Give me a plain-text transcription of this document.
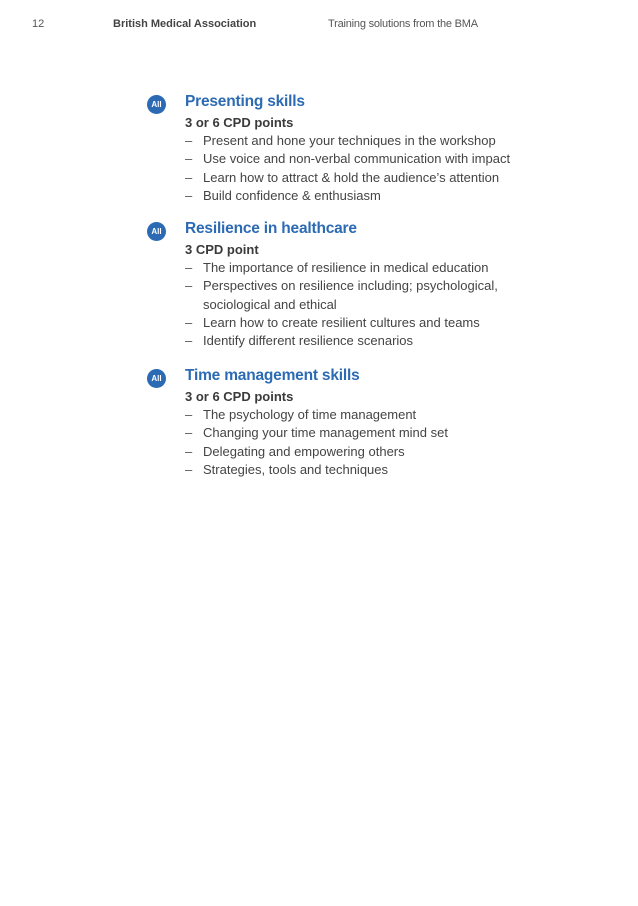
12	British Medical Association	Training solutions from the BMA
All Presenting skills
3 or 6 CPD points
– Present and hone your techniques in the workshop
– Use voice and non-verbal communication with impact
– Learn how to attract & hold the audience’s attention
– Build confidence & enthusiasm
All Resilience in healthcare
3 CPD point
– The importance of resilience in medical education
– Perspectives on resilience including; psychological, sociological and ethical
– Learn how to create resilient cultures and teams
– Identify different resilience scenarios
All Time management skills
3 or 6 CPD points
– The psychology of time management
– Changing your time management mind set
– Delegating and empowering others
– Strategies, tools and techniques
